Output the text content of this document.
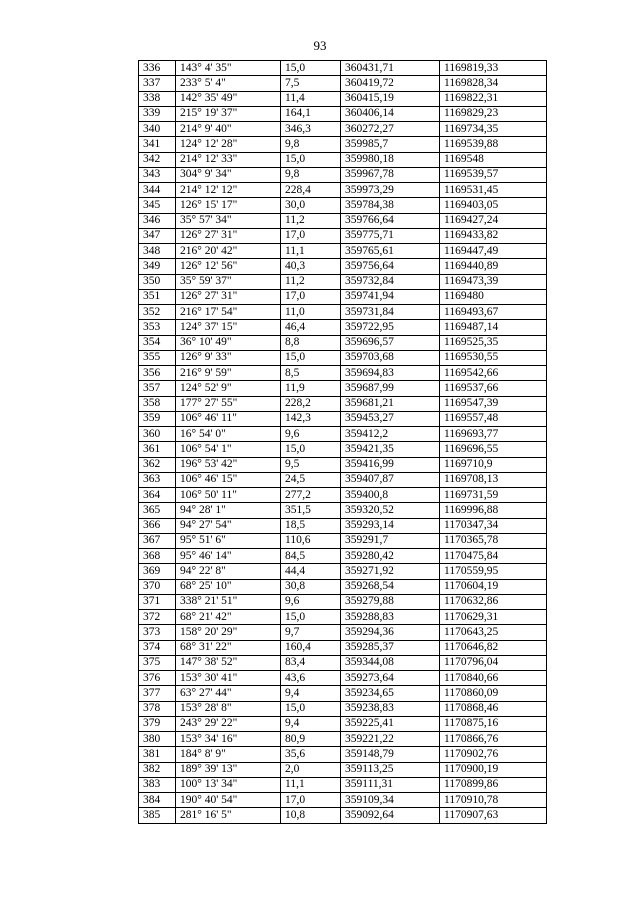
93
336	143° 4' 35"	15,0	360431,71	1169819,33
337	233° 5' 4"	7,5	360419,72	1169828,34
338	142° 35' 49"	11,4	360415,19	1169822,31
339	215° 19' 37"	164,1	360406,14	1169829,23
340	214° 9' 40"	346,3	360272,27	1169734,35
341	124° 12' 28"	9,8	359985,7	1169539,88
342	214° 12' 33"	15,0	359980,18	1169548
343	304° 9' 34"	9,8	359967,78	1169539,57
344	214° 12' 12"	228,4	359973,29	1169531,45
345	126° 15' 17"	30,0	359784,38	1169403,05
346	35° 57' 34"	11,2	359766,64	1169427,24
347	126° 27' 31"	17,0	359775,71	1169433,82
348	216° 20' 42"	11,1	359765,61	1169447,49
349	126° 12' 56"	40,3	359756,64	1169440,89
350	35° 59' 37"	11,2	359732,84	1169473,39
351	126° 27' 31"	17,0	359741,94	1169480
352	216° 17' 54"	11,0	359731,84	1169493,67
353	124° 37' 15"	46,4	359722,95	1169487,14
354	36° 10' 49"	8,8	359696,57	1169525,35
355	126° 9' 33"	15,0	359703,68	1169530,55
356	216° 9' 59"	8,5	359694,83	1169542,66
357	124° 52' 9"	11,9	359687,99	1169537,66
358	177° 27' 55"	228,2	359681,21	1169547,39
359	106° 46' 11"	142,3	359453,27	1169557,48
360	16° 54' 0"	9,6	359412,2	1169693,77
361	106° 54' 1"	15,0	359421,35	1169696,55
362	196° 53' 42"	9,5	359416,99	1169710,9
363	106° 46' 15"	24,5	359407,87	1169708,13
364	106° 50' 11"	277,2	359400,8	1169731,59
365	94° 28' 1"	351,5	359320,52	1169996,88
366	94° 27' 54"	18,5	359293,14	1170347,34
367	95° 51' 6"	110,6	359291,7	1170365,78
368	95° 46' 14"	84,5	359280,42	1170475,84
369	94° 22' 8"	44,4	359271,92	1170559,95
370	68° 25' 10"	30,8	359268,54	1170604,19
371	338° 21' 51"	9,6	359279,88	1170632,86
372	68° 21' 42"	15,0	359288,83	1170629,31
373	158° 20' 29"	9,7	359294,36	1170643,25
374	68° 31' 22"	160,4	359285,37	1170646,82
375	147° 38' 52"	83,4	359344,08	1170796,04
376	153° 30' 41"	43,6	359273,64	1170840,66
377	63° 27' 44"	9,4	359234,65	1170860,09
378	153° 28' 8"	15,0	359238,83	1170868,46
379	243° 29' 22"	9,4	359225,41	1170875,16
380	153° 34' 16"	80,9	359221,22	1170866,76
381	184° 8' 9"	35,6	359148,79	1170902,76
382	189° 39' 13"	2,0	359113,25	1170900,19
383	100° 13' 34"	11,1	359111,31	1170899,86
384	190° 40' 54"	17,0	359109,34	1170910,78
385	281° 16' 5"	10,8	359092,64	1170907,63
